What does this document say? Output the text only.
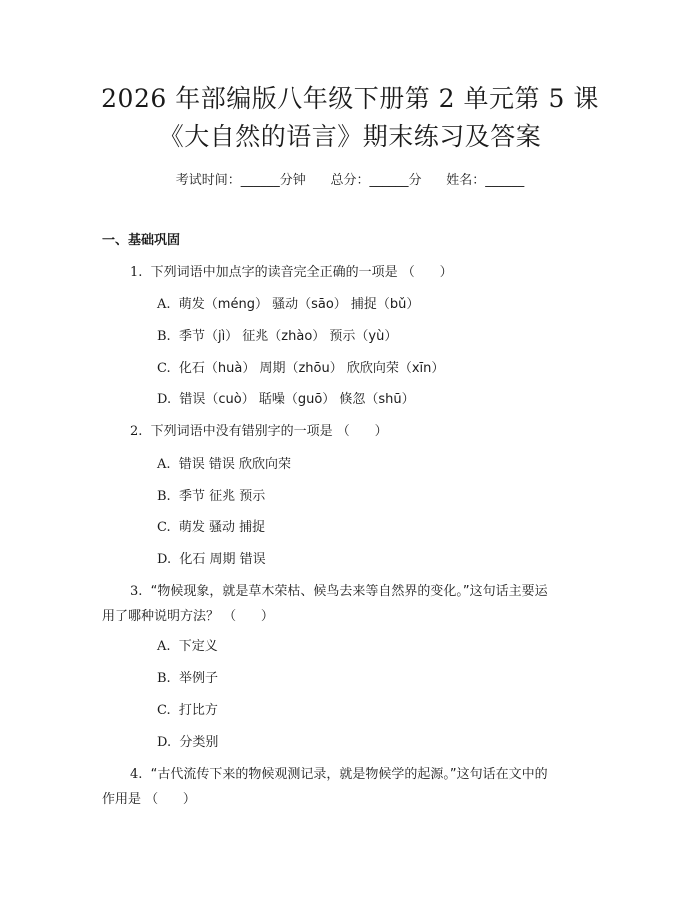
2026 年部编版八年级下册第 2 单元第 5 课
《大自然的语言》期末练习及答案
考试时间：______分钟      总分：______分      姓名：______
一、基础巩固
1. 下列词语中加点字的读音完全正确的一项是 （      ）
A. 萌发（méng） 骚动（sāo） 捕捉（bǔ）
B. 季节（jì） 征兆（zhào） 预示（yù）
C. 化石（huà） 周期（zhōu） 欣欣向荣（xīn）
D. 错误（cuò） 聒噪（guō） 倏忽（shū）
2. 下列词语中没有错别字的一项是 （      ）
A. 错误 错误 欣欣向荣
B. 季节 征兆 预示
C. 萌发 骚动 捕捉
D. 化石 周期 错误
3. “物候现象，就是草木荣枯、候鸟去来等自然界的变化。”这句话主要运
用了哪种说明方法？ （      ）
A. 下定义
B. 举例子
C. 打比方
D. 分类别
4. “古代流传下来的物候观测记录，就是物候学的起源。”这句话在文中的
作用是 （      ）
